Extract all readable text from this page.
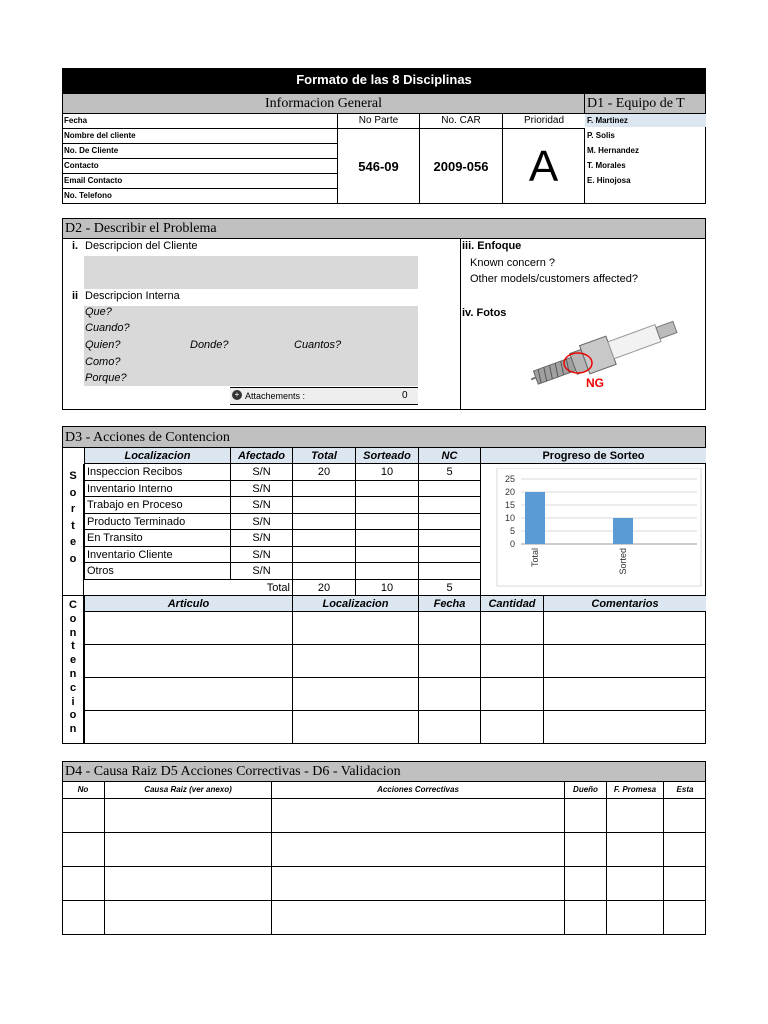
Formato de las 8 Disciplinas
Informacion General	D1 - Equipo de T
Fecha
Nombre del cliente
No. De Cliente
Contacto
Email Contacto
No. Telefono
No Parte	No. CAR	Prioridad
546-09	2009-056 A
F. Martinez
P. Solis
M. Hernandez
T. Morales
E. Hinojosa
D2 - Describir el Problema
i. Descripcion del Cliente
ii Descripcion Interna
Que?
Cuando?
Quien?	Donde?	Cuantos?
Como?
Porque?
+ Attachements :	0
iii. Enfoque
Known concern ?
Other models/customers affected?
iv. Fotos
NG
D3 - Acciones de Contencion
Localizacion	Afectado	Total	Sorteado	NC	Progreso de Sorteo
S
o
r
t
e
o
Inspeccion Recibos	S/N	20	10	5
Inventario Interno	S/N
Trabajo en Proceso	S/N
Producto Terminado	S/N
En Transito	S/N
Inventario Cliente	S/N
Otros	S/N
Total	20	10	5
0
5
10
15
20
25
Total	Sorted
Articulo	Localizacion	Fecha	Cantidad	Comentarios
C
o
n
t
e
n
c
i
o
n
D4 - Causa Raiz D5 Acciones Correctivas - D6 - Validacion
No	Causa Raiz (ver anexo)	Acciones Correctivas	Dueño	F. Promesa	Esta
